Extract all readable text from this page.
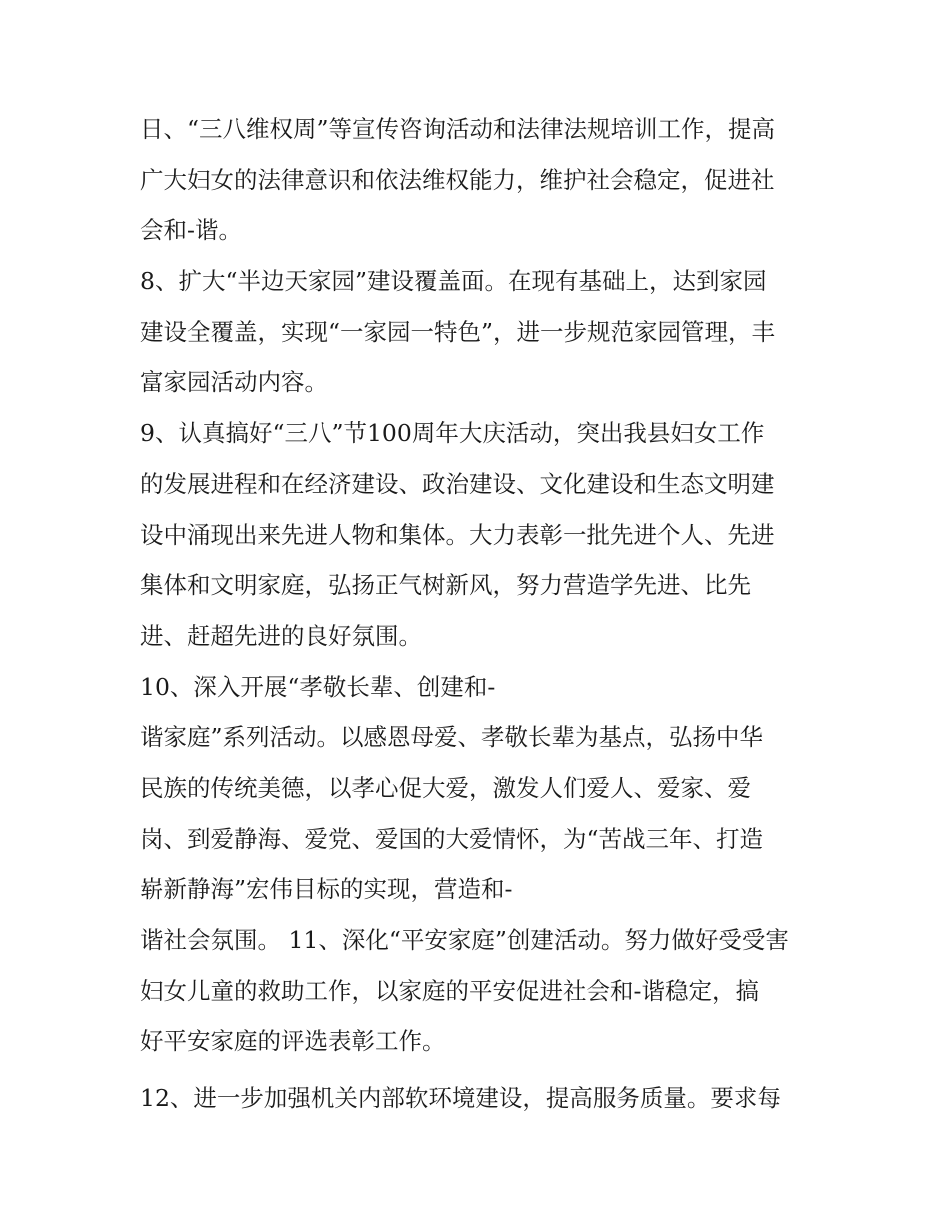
日、“三八维权周”等宣传咨询活动和法律法规培训工作，提高
广大妇女的法律意识和依法维权能力，维护社会稳定，促进社
会和-谐。
8、扩大“半边天家园”建设覆盖面。在现有基础上，达到家园
建设全覆盖，实现“一家园一特色”，进一步规范家园管理，丰
富家园活动内容。
9、认真搞好“三八”节100周年大庆活动，突出我县妇女工作
的发展进程和在经济建设、政治建设、文化建设和生态文明建
设中涌现出来先进人物和集体。大力表彰一批先进个人、先进
集体和文明家庭，弘扬正气树新风，努力营造学先进、比先
进、赶超先进的良好氛围。
10、深入开展“孝敬长辈、创建和-
谐家庭”系列活动。以感恩母爱、孝敬长辈为基点，弘扬中华
民族的传统美德，以孝心促大爱，激发人们爱人、爱家、爱
岗、到爱静海、爱党、爱国的大爱情怀，为“苦战三年、打造
崭新静海”宏伟目标的实现，营造和-
谐社会氛围。 11、深化“平安家庭”创建活动。努力做好受受害
妇女儿童的救助工作，以家庭的平安促进社会和-谐稳定，搞
好平安家庭的评选表彰工作。
12、进一步加强机关内部软环境建设，提高服务质量。要求每
